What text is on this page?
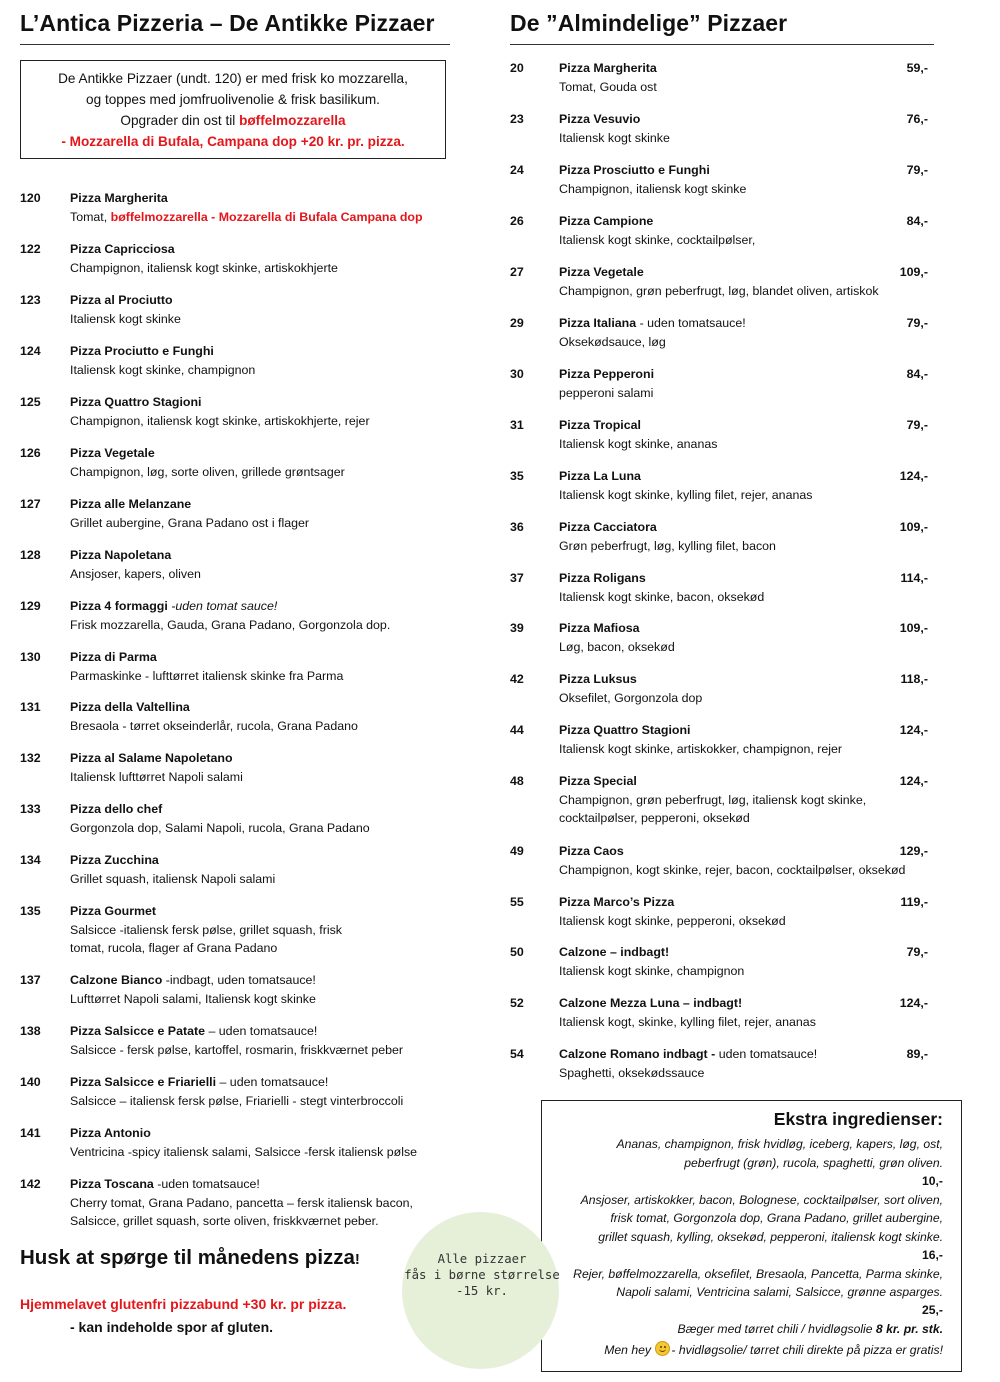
L’Antica Pizzeria – De Antikke Pizzaer
De Antikke Pizzaer (undt. 120) er med frisk ko mozzarella,
og toppes med jomfruolivenolie & frisk basilikum.
Opgrader din ost til bøffelmozzarella
- Mozzarella di Bufala, Campana dop +20 kr. pr. pizza.
120 Pizza Margherita
Tomat, bøffelmozzarella - Mozzarella di Bufala Campana dop
122 Pizza Capricciosa
Champignon, italiensk kogt skinke, artiskokhjerte
123 Pizza al Prociutto
Italiensk kogt skinke
124 Pizza Prociutto e Funghi
Italiensk kogt skinke, champignon
125 Pizza Quattro Stagioni
Champignon, italiensk kogt skinke, artiskokhjerte, rejer
126 Pizza Vegetale
Champignon, løg, sorte oliven, grillede grøntsager
127 Pizza alle Melanzane
Grillet aubergine, Grana Padano ost i flager
128 Pizza Napoletana
Ansjoser, kapers, oliven
129 Pizza 4 formaggi -uden tomat sauce!
Frisk mozzarella, Gauda, Grana Padano, Gorgonzola dop.
130 Pizza di Parma
Parmaskinke - lufttørret italiensk skinke fra Parma
131 Pizza della Valtellina
Bresaola - tørret okseinderlår, rucola, Grana Padano
132 Pizza al Salame Napoletano
Italiensk lufttørret Napoli salami
133 Pizza dello chef
Gorgonzola dop, Salami Napoli, rucola, Grana Padano
134 Pizza Zucchina
Grillet squash, italiensk Napoli salami
135 Pizza Gourmet
Salsicce -italiensk fersk pølse, grillet squash, frisk
tomat, rucola, flager af Grana Padano
137 Calzone Bianco -indbagt, uden tomatsauce!
Lufttørret Napoli salami, Italiensk kogt skinke
138 Pizza Salsicce e Patate – uden tomatsauce!
Salsicce - fersk pølse, kartoffel, rosmarin, friskkværnet peber
140 Pizza Salsicce e Friarielli – uden tomatsauce!
Salsicce – italiensk fersk pølse, Friarielli - stegt vinterbroccoli
141 Pizza Antonio
Ventricina -spicy italiensk salami, Salsicce -fersk italiensk pølse
142 Pizza Toscana -uden tomatsauce!
Cherry tomat, Grana Padano, pancetta – fersk italiensk bacon,
Salsicce, grillet squash, sorte oliven, friskkværnet peber.
Husk at spørge til månedens pizza!
Hjemmelavet glutenfri pizzabund +30 kr. pr pizza.
- kan indeholde spor af gluten.
Alle pizzaer
fås i børne størrelse
-15 kr.
De ”Almindelige” Pizzaer
20	Pizza Margherita	59,-
Tomat, Gouda ost
23	Pizza Vesuvio	76,-
Italiensk kogt skinke
24	Pizza Prosciutto e Funghi	79,-
Champignon, italiensk kogt skinke
26	Pizza Campione	84,-
Italiensk kogt skinke, cocktailpølser,
27	Pizza Vegetale	109,-
Champignon, grøn peberfrugt, løg, blandet oliven, artiskok
29	Pizza Italiana - uden tomatsauce!	79,-
Oksekødsauce, løg
30	Pizza Pepperoni	84,-
pepperoni salami
31	Pizza Tropical	79,-
Italiensk kogt skinke, ananas
35	Pizza La Luna	124,-
Italiensk kogt skinke, kylling filet, rejer, ananas
36	Pizza Cacciatora	109,-
Grøn peberfrugt, løg, kylling filet, bacon
37	Pizza Roligans	114,-
Italiensk kogt skinke, bacon, oksekød
39	Pizza Mafiosa	109,-
Løg, bacon, oksekød
42	Pizza Luksus	118,-
Oksefilet, Gorgonzola dop
44	Pizza Quattro Stagioni	124,-
Italiensk kogt skinke, artiskokker, champignon, rejer
48	Pizza Special	124,-
Champignon, grøn peberfrugt, løg, italiensk kogt skinke,
cocktailpølser, pepperoni, oksekød
49	Pizza Caos	129,-
Champignon, kogt skinke, rejer, bacon, cocktailpølser, oksekød
55	Pizza Marco’s Pizza	119,-
Italiensk kogt skinke, pepperoni, oksekød
50	Calzone – indbagt!	79,-
Italiensk kogt skinke, champignon
52	Calzone Mezza Luna – indbagt!	124,-
Italiensk kogt, skinke, kylling filet, rejer, ananas
54	Calzone Romano indbagt - uden tomatsauce!	89,-
Spaghetti, oksekødssauce
Ekstra ingredienser:
Ananas, champignon, frisk hvidløg, iceberg, kapers, løg, ost,
peberfrugt (grøn), rucola, spaghetti, grøn oliven.
10,-
Ansjoser, artiskokker, bacon, Bolognese, cocktailpølser, sort oliven,
frisk tomat, Gorgonzola dop, Grana Padano, grillet aubergine,
grillet squash, kylling, oksekød, pepperoni, italiensk kogt skinke.
16,-
Rejer, bøffelmozzarella, oksefilet, Bresaola, Pancetta, Parma skinke,
Napoli salami, Ventricina salami, Salsicce, grønne asparges.
25,-
Bæger med tørret chili / hvidløgsolie 8 kr. pr. stk.
Men hey
- hvidløgsolie/ tørret chili direkte på pizza er gratis!
